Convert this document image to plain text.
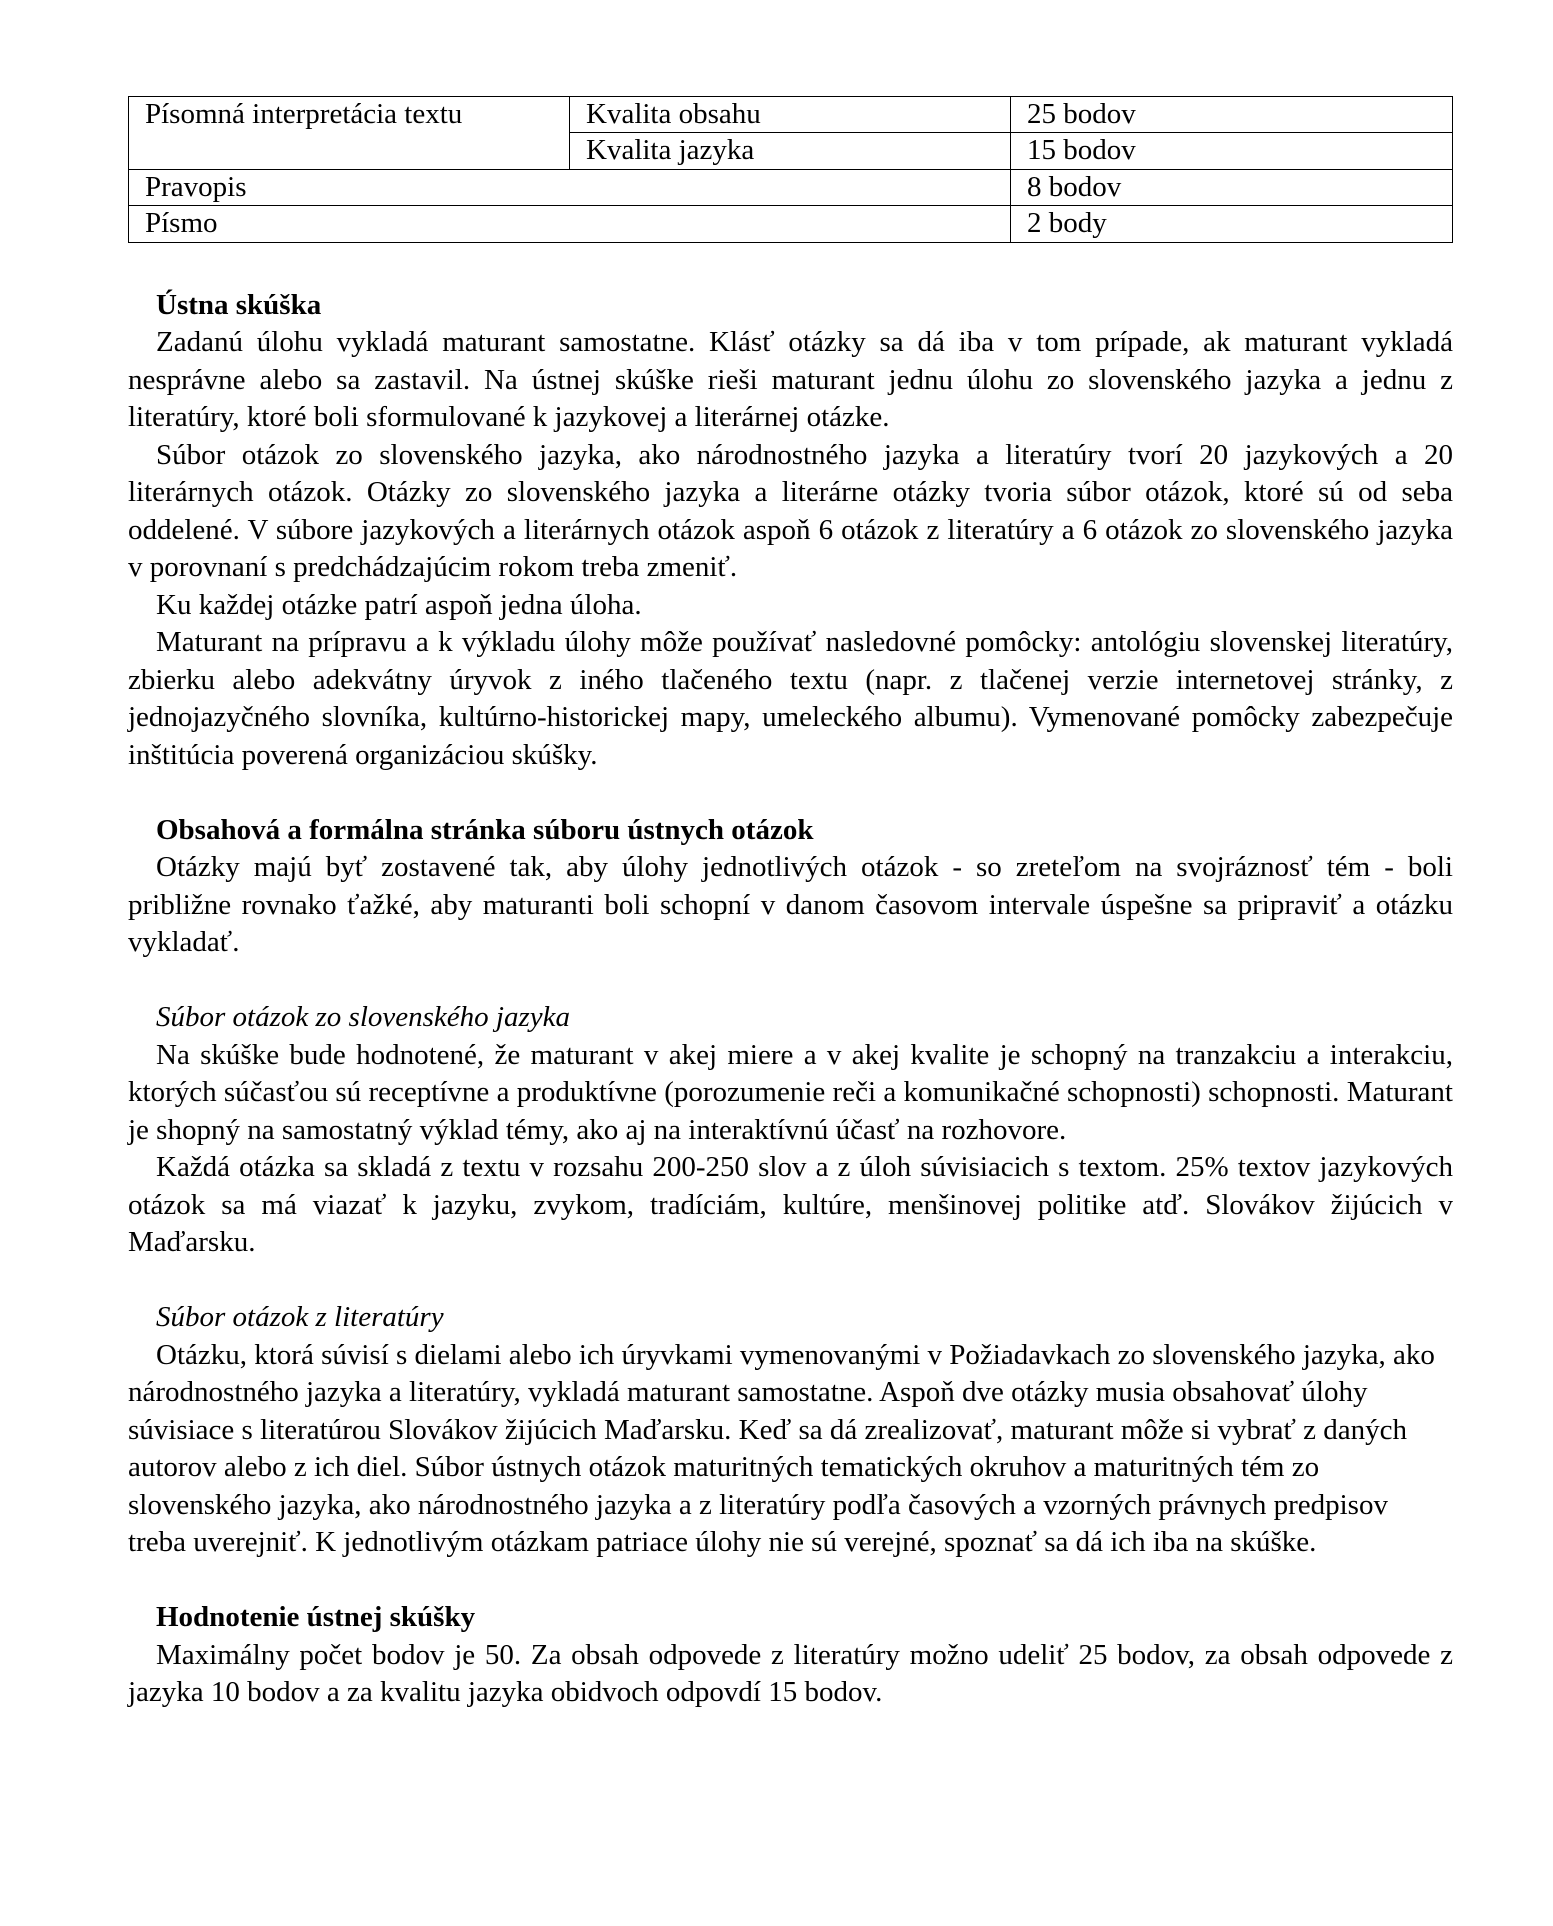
Písomná interpretácia textu	Kvalita obsahu	25 bodov
	Kvalita jazyka	15 bodov
Pravopis		8 bodov
Písmo		2 body
Ústna skúška

Zadanú úlohu vykladá maturant samostatne. Klásť otázky sa dá iba v tom prípade, ak maturant vykladá nesprávne alebo sa zastavil. Na ústnej skúške rieši maturant jednu úlohu zo slovenského jazyka a jednu z literatúry, ktoré boli sformulované k jazykovej a literárnej otázke.

Súbor otázok zo slovenského jazyka, ako národnostného jazyka a literatúry tvorí 20 jazykových a 20 literárnych otázok. Otázky zo slovenského jazyka a literárne otázky tvoria súbor otázok, ktoré sú od seba oddelené. V súbore jazykových a literárnych otázok aspoň 6 otázok z literatúry a 6 otázok zo slovenského jazyka v porovnaní s predchádzajúcim rokom treba zmeniť.

Ku každej otázke patrí aspoň jedna úloha.

Maturant na prípravu a k výkladu úlohy môže používať nasledovné pomôcky: antológiu slovenskej literatúry, zbierku alebo adekvátny úryvok z iného tlačeného textu (napr. z tlačenej verzie internetovej stránky, z jednojazyčného slovníka, kultúrno-historickej mapy, umeleckého albumu). Vymenované pomôcky zabezpečuje inštitúcia poverená organizáciou skúšky.

Obsahová a formálna stránka súboru ústnych otázok

Otázky majú byť zostavené tak, aby úlohy jednotlivých otázok - so zreteľom na svojráznosť tém - boli približne rovnako ťažké, aby maturanti boli schopní v danom časovom intervale úspešne sa pripraviť a otázku vykladať.

Súbor otázok zo slovenského jazyka

Na skúške bude hodnotené, že maturant v akej miere a v akej kvalite je schopný na tranzakciu a interakciu, ktorých súčasťou sú receptívne a produktívne (porozumenie reči a komunikačné schopnosti) schopnosti. Maturant je shopný na samostatný výklad témy, ako aj na interaktívnú účasť na rozhovore.

Každá otázka sa skladá z textu v rozsahu 200-250 slov a z úloh súvisiacich s textom. 25% textov jazykových otázok sa má viazať k jazyku, zvykom, tradíciám, kultúre, menšinovej politike atď. Slovákov žijúcich v Maďarsku.

Súbor otázok z literatúry

Otázku, ktorá súvisí s dielami alebo ich úryvkami vymenovanými v Požiadavkach zo slovenského jazyka, ako národnostného jazyka a literatúry, vykladá maturant samostatne. Aspoň dve otázky musia obsahovať úlohy súvisiace s literatúrou Slovákov žijúcich Maďarsku. Keď sa dá zrealizovať, maturant môže si vybrať z daných autorov alebo z ich diel. Súbor ústnych otázok maturitných tematických okruhov a maturitných tém zo slovenského jazyka, ako národnostného jazyka a z literatúry podľa časových a vzorných právnych predpisov treba uverejniť. K jednotlivým otázkam patriace úlohy nie sú verejné, spoznať sa dá ich iba na skúške.

Hodnotenie ústnej skúšky

Maximálny počet bodov je 50. Za obsah odpovede z literatúry možno udeliť 25 bodov, za obsah odpovede z jazyka 10 bodov a za kvalitu jazyka obidvoch odpovdí 15 bodov.
